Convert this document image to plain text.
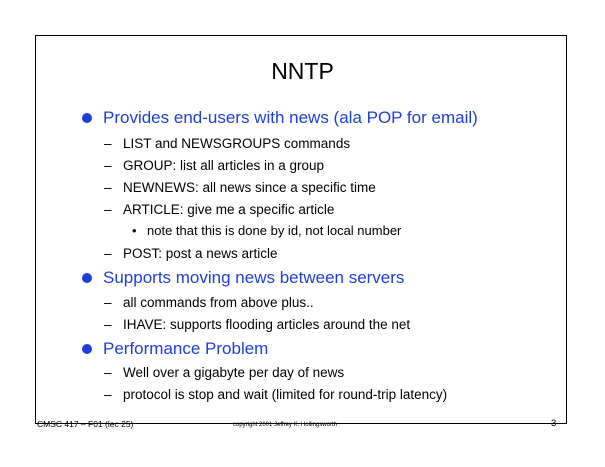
NNTP
Provides end-users with news (ala POP for email)
– LIST and NEWSGROUPS commands
– GROUP: list all articles in a group
– NEWNEWS: all news since a specific time
– ARTICLE: give me a specific article
• note that this is done by id, not local number
– POST: post a news article
Supports moving news between servers
– all commands from above plus..
– IHAVE: supports flooding articles around the net
Performance Problem
– Well over a gigabyte per day of news
– protocol is stop and wait (limited for round-trip latency)
CMSC 417 – F01 (lec 25)	copyright 2001 Jeffrey K. Hollingsworth	3
